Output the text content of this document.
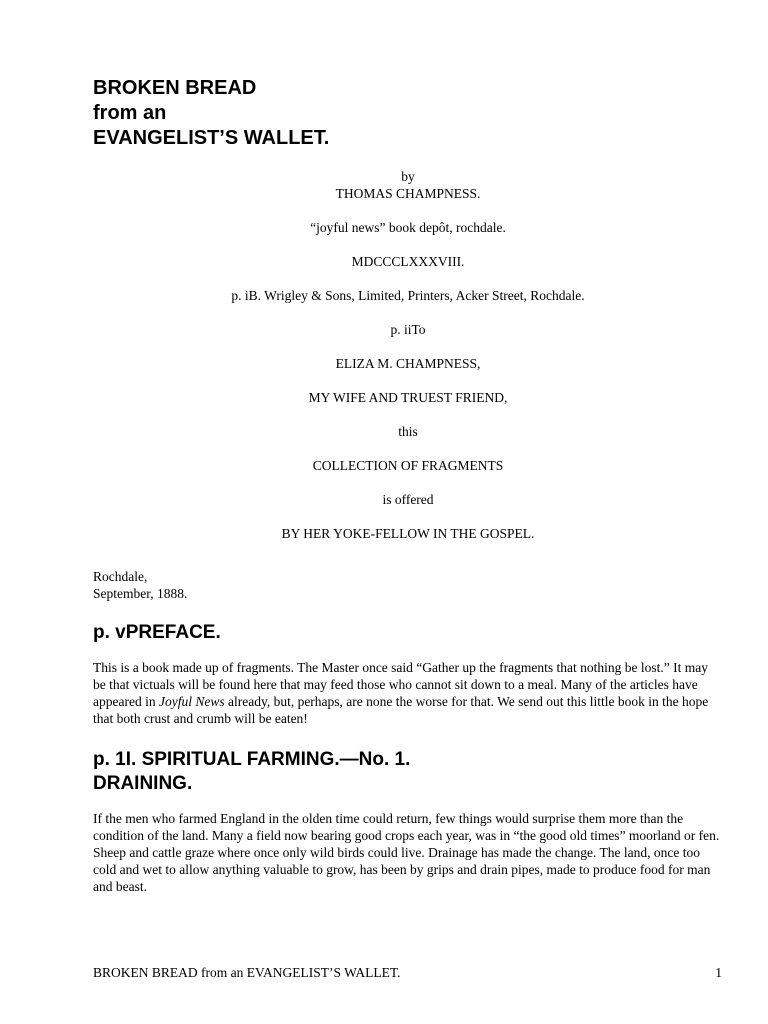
BROKEN BREAD

from an

EVANGELIST’S WALLET.

by

THOMAS CHAMPNESS.

“joyful news” book depôt, rochdale.

MDCCCLXXXVIII.

p. iB. Wrigley & Sons, Limited, Printers, Acker Street, Rochdale.

p. iiTo

ELIZA M. CHAMPNESS,

MY WIFE AND TRUEST FRIEND,

this

COLLECTION OF FRAGMENTS

is offered

BY HER YOKE-FELLOW IN THE GOSPEL.

Rochdale,
September, 1888.
p. vPREFACE.

This is a book made up of fragments. The Master once said “Gather up the fragments that nothing be lost.” It may be that victuals will be found here that may feed those who cannot sit down to a meal. Many of the articles have appeared in Joyful News already, but, perhaps, are none the worse for that. We send out this little book in the hope that both crust and crumb will be eaten!

p. 1I. SPIRITUAL FARMING.—No. 1.
DRAINING.

If the men who farmed England in the olden time could return, few things would surprise them more than the condition of the land. Many a field now bearing good crops each year, was in “the good old times” moorland or fen. Sheep and cattle graze where once only wild birds could live. Drainage has made the change. The land, once too cold and wet to allow anything valuable to grow, has been by grips and drain pipes, made to produce food for man and beast.

BROKEN BREAD from an EVANGELIST’S WALLET.	1
